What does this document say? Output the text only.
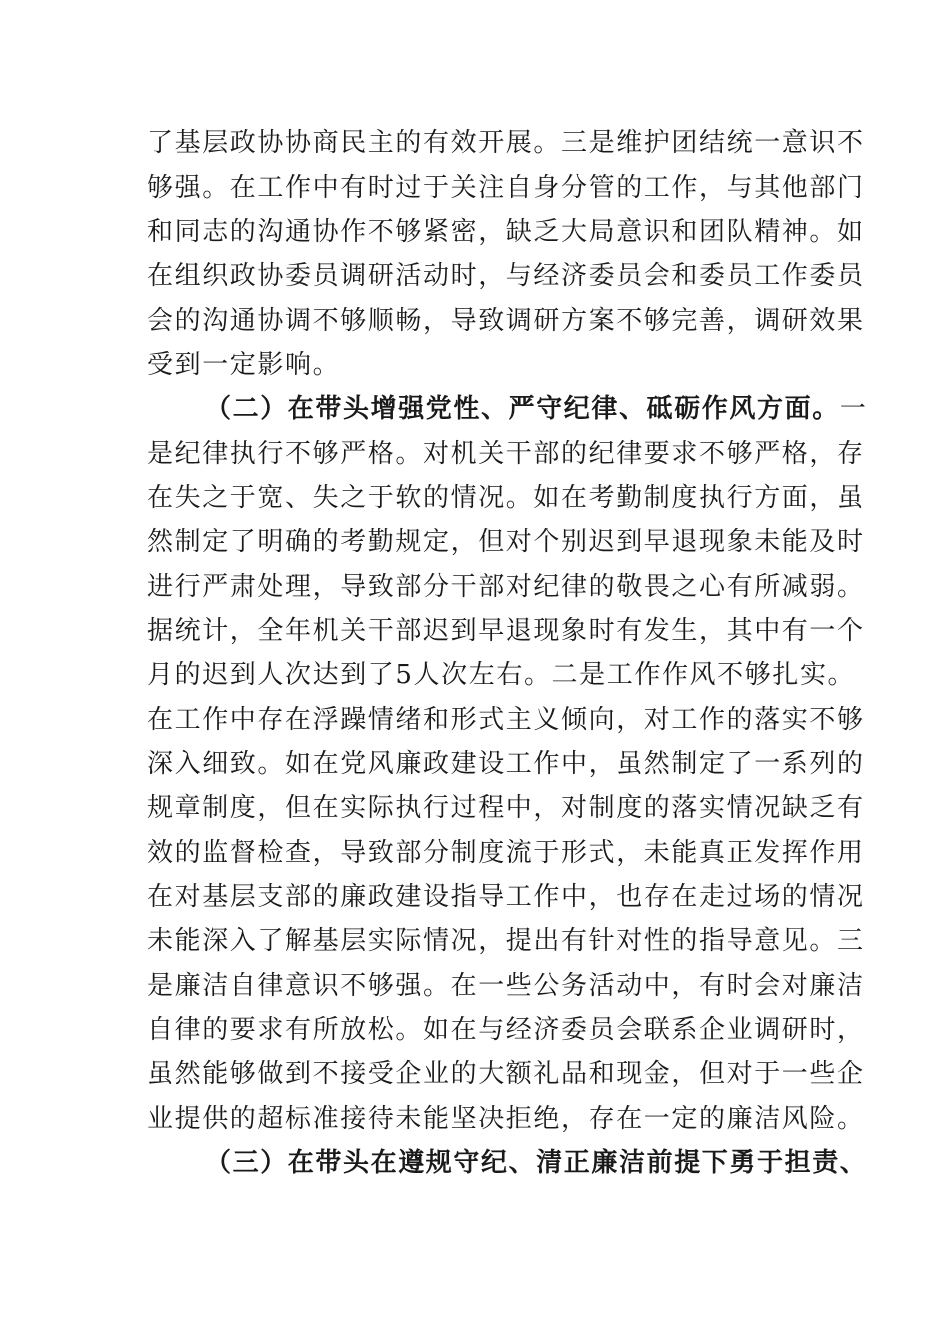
了基层政协协商民主的有效开展。三是维护团结统一意识不
够强。在工作中有时过于关注自身分管的工作，与其他部门
和同志的沟通协作不够紧密，缺乏大局意识和团队精神。如
在组织政协委员调研活动时，与经济委员会和委员工作委员
会的沟通协调不够顺畅，导致调研方案不够完善，调研效果
受到一定影响。
（二）在带头增强党性、严守纪律、砥砺作风方面。一
是纪律执行不够严格。对机关干部的纪律要求不够严格，存
在失之于宽、失之于软的情况。如在考勤制度执行方面，虽
然制定了明确的考勤规定，但对个别迟到早退现象未能及时
进行严肃处理，导致部分干部对纪律的敬畏之心有所减弱。
据统计，全年机关干部迟到早退现象时有发生，其中有一个
月的迟到人次达到了5人次左右。二是工作作风不够扎实。
在工作中存在浮躁情绪和形式主义倾向，对工作的落实不够
深入细致。如在党风廉政建设工作中，虽然制定了一系列的
规章制度，但在实际执行过程中，对制度的落实情况缺乏有
效的监督检查，导致部分制度流于形式，未能真正发挥作用
在对基层支部的廉政建设指导工作中，也存在走过场的情况
未能深入了解基层实际情况，提出有针对性的指导意见。三
是廉洁自律意识不够强。在一些公务活动中，有时会对廉洁
自律的要求有所放松。如在与经济委员会联系企业调研时，
虽然能够做到不接受企业的大额礼品和现金，但对于一些企
业提供的超标准接待未能坚决拒绝，存在一定的廉洁风险。
（三）在带头在遵规守纪、清正廉洁前提下勇于担责、
